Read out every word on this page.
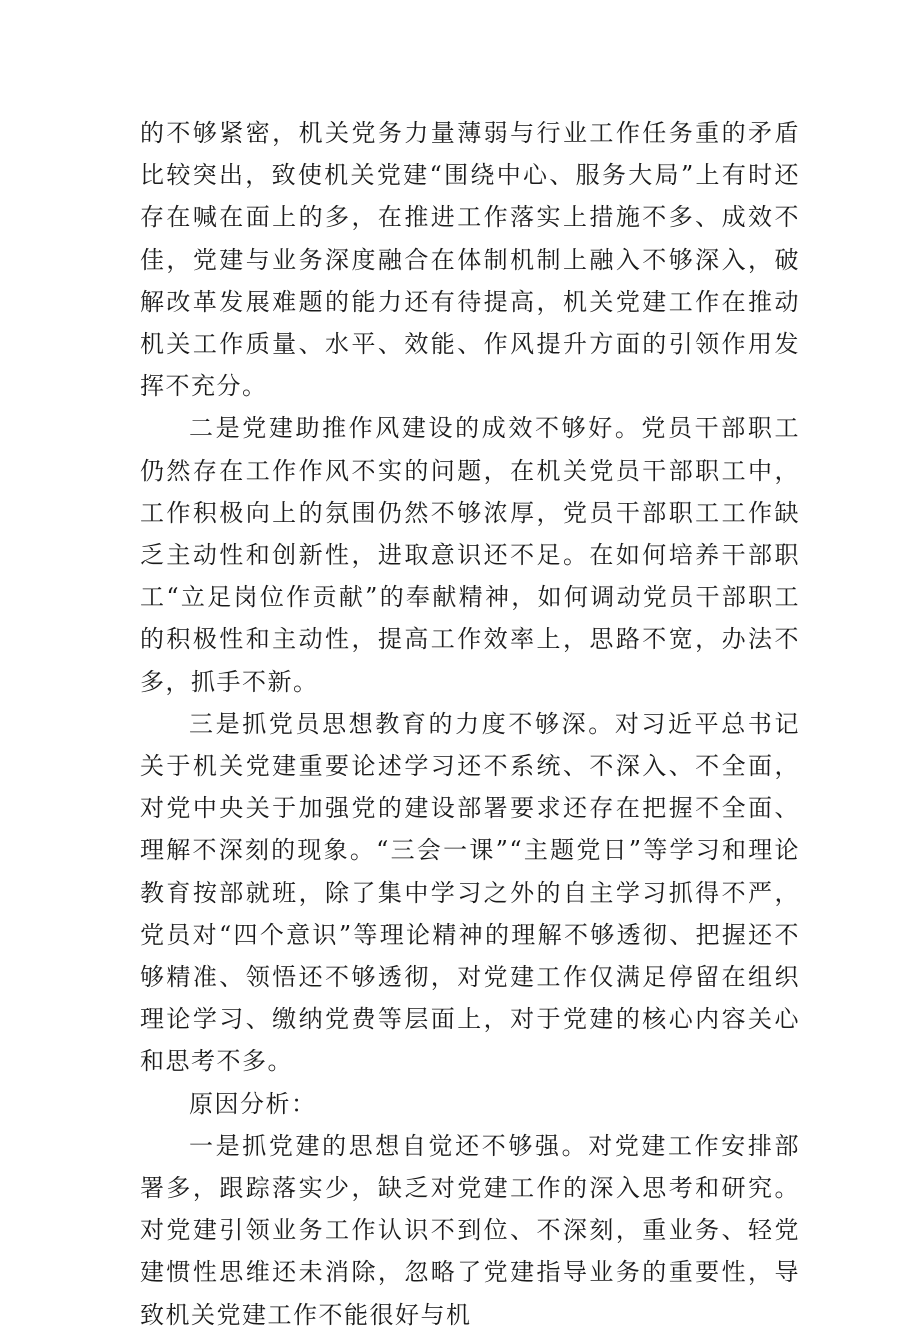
的不够紧密，机关党务力量薄弱与行业工作任务重的矛盾比较突出，致使机关党建“围绕中心、服务大局”上有时还存在喊在面上的多，在推进工作落实上措施不多、成效不佳，党建与业务深度融合在体制机制上融入不够深入，破解改革发展难题的能力还有待提高，机关党建工作在推动机关工作质量、水平、效能、作风提升方面的引领作用发挥不充分。

二是党建助推作风建设的成效不够好。党员干部职工仍然存在工作作风不实的问题，在机关党员干部职工中，工作积极向上的氛围仍然不够浓厚，党员干部职工工作缺乏主动性和创新性，进取意识还不足。在如何培养干部职工“立足岗位作贡献”的奉献精神，如何调动党员干部职工的积极性和主动性，提高工作效率上，思路不宽，办法不多，抓手不新。

三是抓党员思想教育的力度不够深。对习近平总书记关于机关党建重要论述学习还不系统、不深入、不全面，对党中央关于加强党的建设部署要求还存在把握不全面、理解不深刻的现象。“三会一课”“主题党日”等学习和理论教育按部就班，除了集中学习之外的自主学习抓得不严，党员对“四个意识”等理论精神的理解不够透彻、把握还不够精准、领悟还不够透彻，对党建工作仅满足停留在组织理论学习、缴纳党费等层面上，对于党建的核心内容关心和思考不多。

原因分析：

一是抓党建的思想自觉还不够强。对党建工作安排部署多，跟踪落实少，缺乏对党建工作的深入思考和研究。对党建引领业务工作认识不到位、不深刻，重业务、轻党建惯性思维还未消除，忽略了党建指导业务的重要性，导致机关党建工作不能很好与机
